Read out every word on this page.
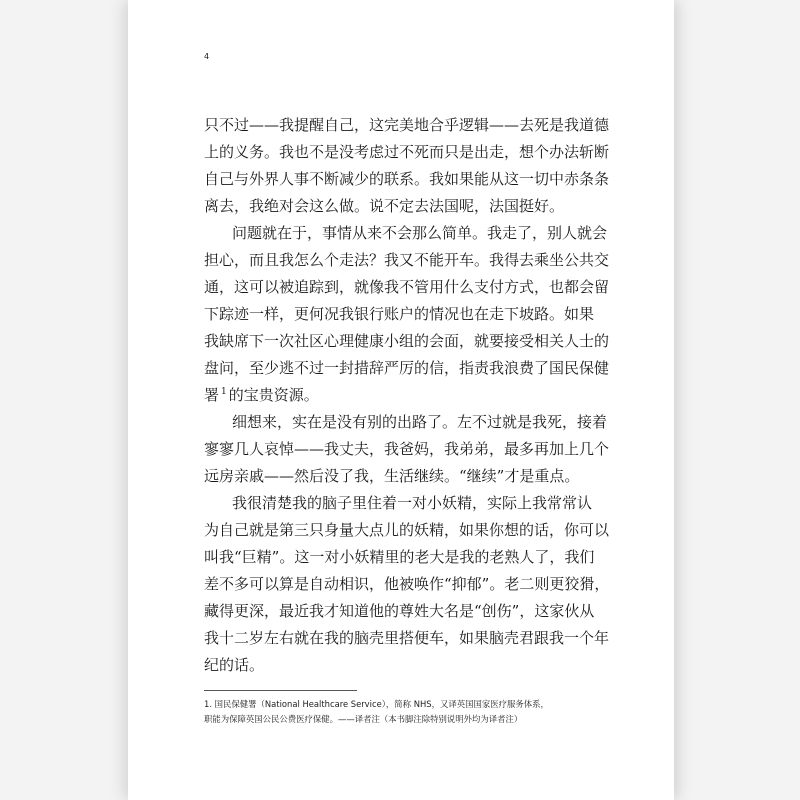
4
只不过——我提醒自己，这完美地合乎逻辑——去死是我道德
上的义务。我也不是没考虑过不死而只是出走，想个办法斩断
自己与外界人事不断减少的联系。我如果能从这一切中赤条条
离去，我绝对会这么做。说不定去法国呢，法国挺好。
问题就在于，事情从来不会那么简单。我走了，别人就会
担心，而且我怎么个走法？我又不能开车。我得去乘坐公共交
通，这可以被追踪到，就像我不管用什么支付方式，也都会留
下踪迹一样，更何况我银行账户的情况也在走下坡路。如果
我缺席下一次社区心理健康小组的会面，就要接受相关人士的
盘问，至少逃不过一封措辞严厉的信，指责我浪费了国民保健
署 $^1$ 的宝贵资源。
细想来，实在是没有别的出路了。左不过就是我死，接着
寥寥几人哀悼——我丈夫，我爸妈，我弟弟，最多再加上几个
远房亲戚——然后没了我，生活继续。“继续”才是重点。
我很清楚我的脑子里住着一对小妖精，实际上我常常认
为自己就是第三只身量大点儿的妖精，如果你想的话，你可以
叫我“巨精”。这一对小妖精里的老大是我的老熟人了，我们
差不多可以算是自动相识，他被唤作“抑郁”。老二则更狡猾，
藏得更深，最近我才知道他的尊姓大名是“创伤”，这家伙从
我十二岁左右就在我的脑壳里搭便车，如果脑壳君跟我一个年
纪的话。
1. 国民保健署（National Healthcare Service），简称 NHS，又译英国国家医疗服务体系，
职能为保障英国公民公费医疗保健。——译者注（本书脚注除特别说明外均为译者注）
